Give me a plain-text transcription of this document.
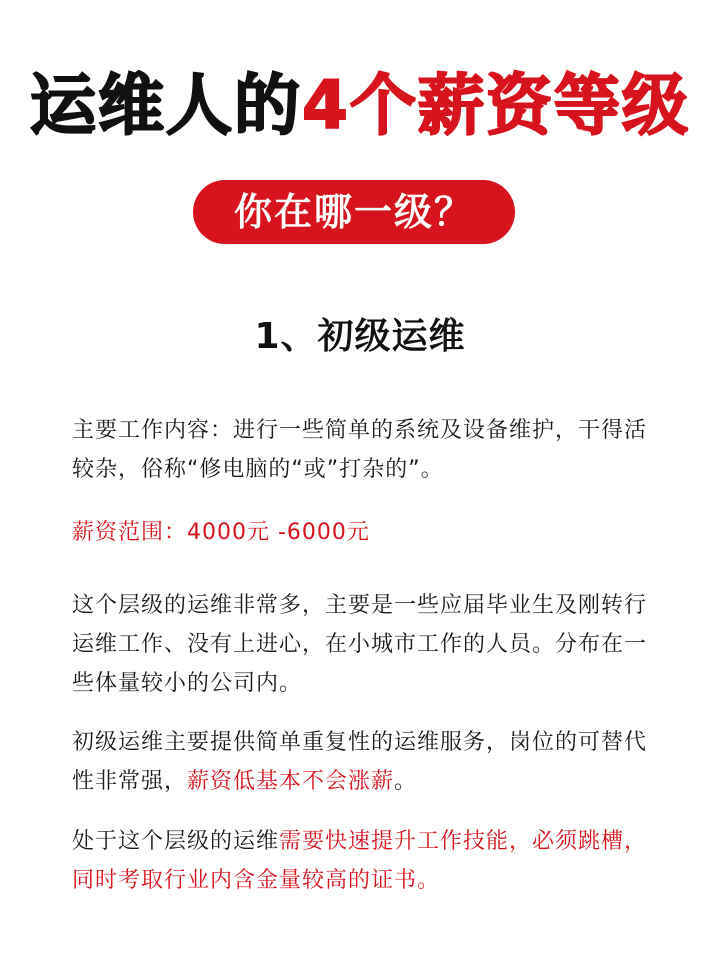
运维人的4个薪资等级
你在哪一级？
1、初级运维
主要工作内容：进行一些简单的系统及设备维护，干得活较杂，俗称“修电脑的“或”打杂的”。
薪资范围：4000元 -6000元
这个层级的运维非常多，主要是一些应届毕业生及刚转行运维工作、没有上进心，在小城市工作的人员。分布在一些体量较小的公司内。
初级运维主要提供简单重复性的运维服务，岗位的可替代性非常强，薪资低基本不会涨薪。
处于这个层级的运维需要快速提升工作技能，必须跳槽，同时考取行业内含金量较高的证书。
